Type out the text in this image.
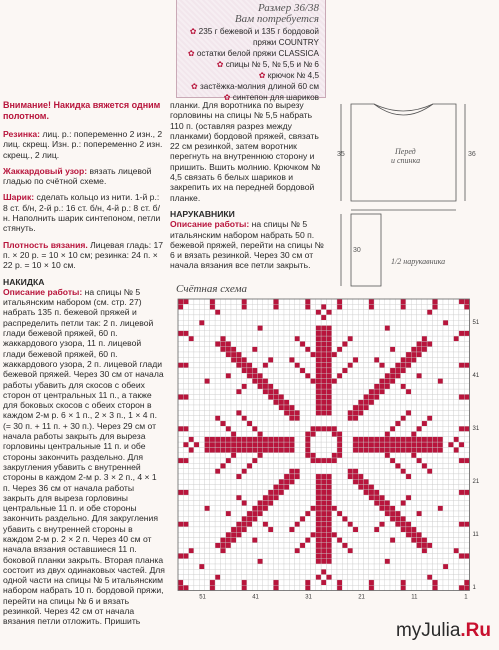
Размер 36/38
Вам потребуется
✿ 235 г бежевой и 135 г бордовой пряжи COUNTRY
✿ остатки белой пряжи CLASSICA
✿ спицы № 5, № 5,5 и № 6
✿ крючок № 4,5
✿ застёжка-молния длиной 60 см
✿ синтепон для шариков

Внимание! Накидка вяжется одним полотном.

Резинка: лиц. р.: попеременно 2 изн., 2 лиц. скрещ. Изн. р.: попеременно 2 изн. скрещ., 2 лиц.

Жаккардовый узор: вязать лицевой гладью по счётной схеме.

Шарик: сделать кольцо из нити. 1-й р.: 8 ст. б/н, 2-й р.: 16 ст. б/н, 4-й р.: 8 ст. б/н. Наполнить шарик синтепоном, петли стянуть.

Плотность вязания. Лицевая гладь: 17 п. × 20 р. = 10 × 10 см; резинка: 24 п. × 22 р. = 10 × 10 см.

НАКИДКА
Описание работы: на спицы № 5 итальянским набором (см. стр. 27) набрать 135 п. бежевой пряжей и распределить петли так: 2 п. лицевой глади бежевой пряжей, 60 п. жаккардового узора, 11 п. лицевой глади бежевой пряжей, 60 п. жаккардового узора, 2 п. лицевой глади бежевой пряжей. Через 30 см от начала работы убавить для скосов с обеих сторон от центральных 11 п., а также для боковых скосов с обеих сторон в каждом 2-м р. 6 × 1 п., 2 × 3 п., 1 × 4 п. (= 30 п. + 11 п. + 30 п.). Через 29 см от начала работы закрыть для выреза горловины центральные 11 п. и обе стороны закончить раздельно. Для закругления убавить с внутренней стороны в каждом 2-м р. 3 × 2 п., 4 × 1 п. Через 36 см от начала работы закрыть для выреза горловины центральные 11 п. и обе стороны закончить раздельно. Для закругления убавить с внутренней стороны в каждом 2-м р. 2 × 2 п. Через 40 см от начала вязания оставшиеся 11 п. боковой планки закрыть. Вторая планка состоит из двух одинаковых частей. Для одной части на спицы № 5 итальянским набором набрать 10 п. бордовой пряжи, перейти на спицы № 6 и вязать резинкой. Через 42 см от начала вязания петли отложить. Пришить

планки. Для воротника по вырезу горловины на спицы № 5,5 набрать 110 п. (оставляя разрез между планками) бордовой пряжей, связать 22 см резинкой, затем воротник перегнуть на внутреннюю сторону и пришить. Вшить молнию. Крючком № 4,5 связать 6 белых шариков и закрепить их на передней бордовой планке.

НАРУКАВНИКИ
Описание работы: на спицы № 5 итальянским набором набрать 50 п. бежевой пряжей, перейти на спицы № 6 и вязать резинкой. Через 30 см от начала вязания все петли закрыть.

Перед и спинка
1/2 нарукавника
35	36
30
51
41
31
21
11
1
51	41	31	21	11	1
Счётная схема
myJulia.Ru
